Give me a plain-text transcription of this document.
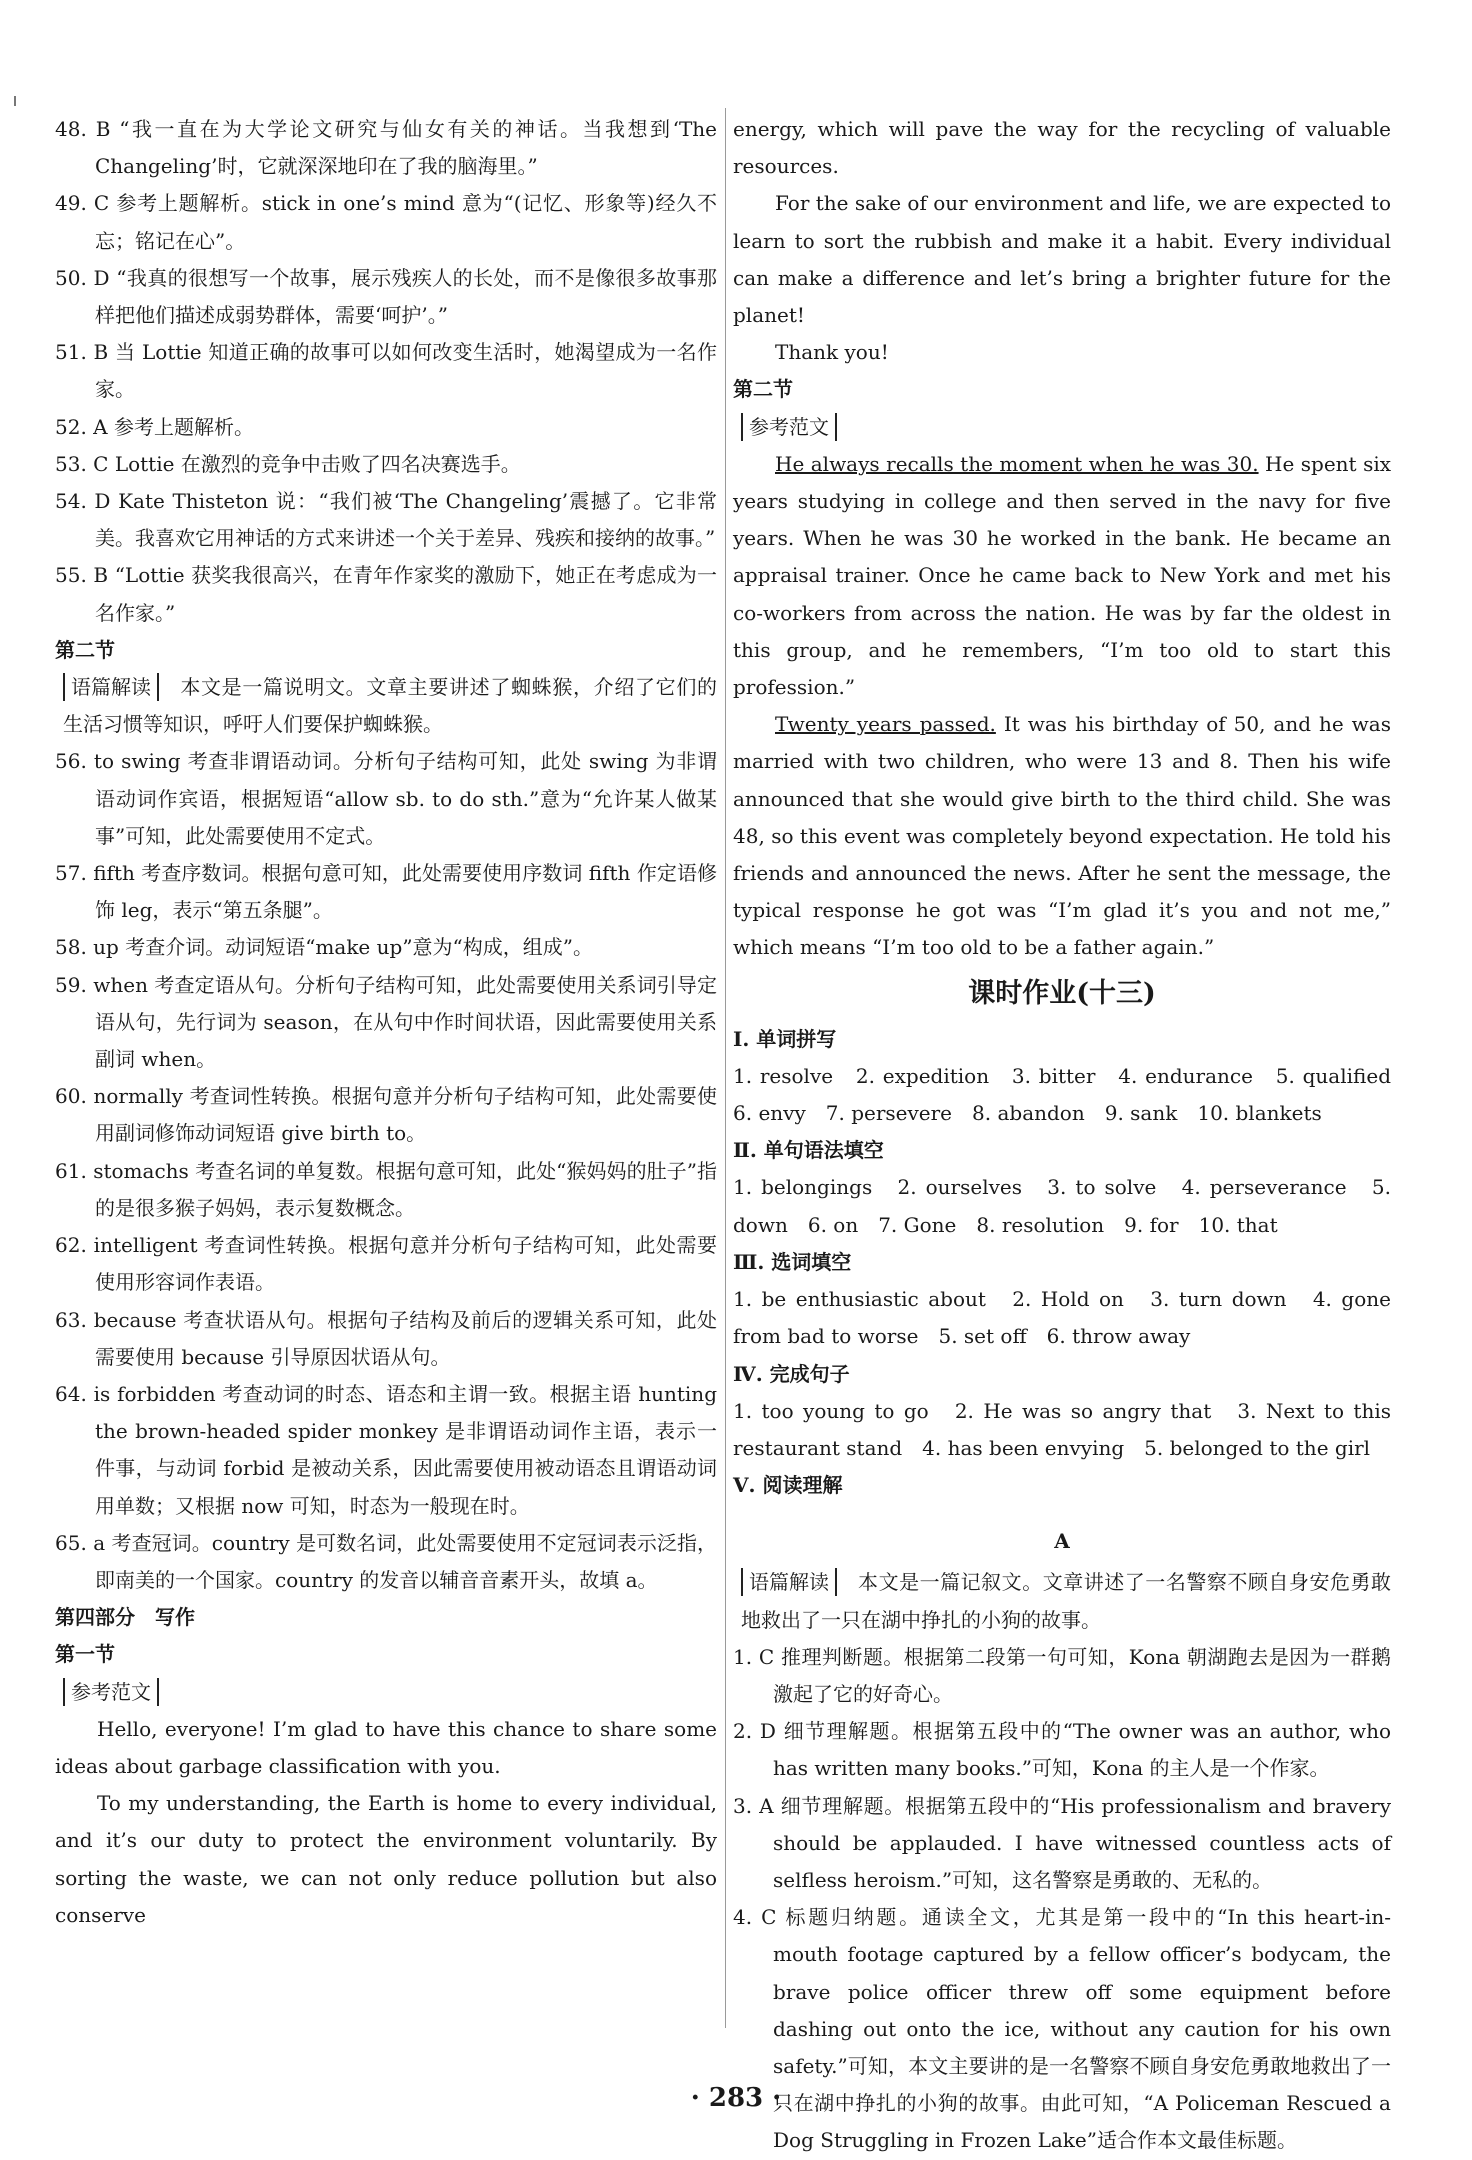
48. B “我一直在为大学论文研究与仙女有关的神话。当我想到‘The Changeling’时，它就深深地印在了我的脑海里。”

49. C 参考上题解析。stick in one’s mind 意为“(记忆、形象等)经久不忘；铭记在心”。

50. D “我真的很想写一个故事，展示残疾人的长处，而不是像很多故事那样把他们描述成弱势群体，需要‘呵护’。”

51. B 当 Lottie 知道正确的故事可以如何改变生活时，她渴望成为一名作家。

52. A 参考上题解析。

53. C Lottie 在激烈的竞争中击败了四名决赛选手。

54. D Kate Thisteton 说：“我们被‘The Changeling’震撼了。它非常美。我喜欢它用神话的方式来讲述一个关于差异、残疾和接纳的故事。”

55. B “Lottie 获奖我很高兴，在青年作家奖的激励下，她正在考虑成为一名作家。”

第二节

语篇解读　 本文是一篇说明文。文章主要讲述了蜘蛛猴，介绍了它们的生活习惯等知识，呼吁人们要保护蜘蛛猴。

56. to swing 考查非谓语动词。分析句子结构可知，此处 swing 为非谓语动词作宾语，根据短语“allow sb. to do sth.”意为“允许某人做某事”可知，此处需要使用不定式。

57. fifth 考查序数词。根据句意可知，此处需要使用序数词 fifth 作定语修饰 leg，表示“第五条腿”。

58. up 考查介词。动词短语“make up”意为“构成，组成”。

59. when 考查定语从句。分析句子结构可知，此处需要使用关系词引导定语从句，先行词为 season，在从句中作时间状语，因此需要使用关系副词 when。

60. normally 考查词性转换。根据句意并分析句子结构可知，此处需要使用副词修饰动词短语 give birth to。

61. stomachs 考查名词的单复数。根据句意可知，此处“猴妈妈的肚子”指的是很多猴子妈妈，表示复数概念。

62. intelligent 考查词性转换。根据句意并分析句子结构可知，此处需要使用形容词作表语。

63. because 考查状语从句。根据句子结构及前后的逻辑关系可知，此处需要使用 because 引导原因状语从句。

64. is forbidden 考查动词的时态、语态和主谓一致。根据主语 hunting the brown-headed spider monkey 是非谓语动词作主语，表示一件事，与动词 forbid 是被动关系，因此需要使用被动语态且谓语动词用单数；又根据 now 可知，时态为一般现在时。

65. a 考查冠词。country 是可数名词，此处需要使用不定冠词表示泛指，即南美的一个国家。country 的发音以辅音音素开头，故填 a。

第四部分　写作
第一节

参考范文

Hello, everyone! I’m glad to have this chance to share some ideas about garbage classification with you.

To my understanding, the Earth is home to every individual, and it’s our duty to protect the environment voluntarily. By sorting the waste, we can not only reduce pollution but also conserve

energy, which will pave the way for the recycling of valuable resources.

For the sake of our environment and life, we are expected to learn to sort the rubbish and make it a habit. Every individual can make a difference and let’s bring a brighter future for the planet!

Thank you!

第二节

参考范文

He always recalls the moment when he was 30. He spent six years studying in college and then served in the navy for five years. When he was 30 he worked in the bank. He became an appraisal trainer. Once he came back to New York and met his co-workers from across the nation. He was by far the oldest in this group, and he remembers, “I’m too old to start this profession.”

Twenty years passed. It was his birthday of 50, and he was married with two children, who were 13 and 8. Then his wife announced that she would give birth to the third child. She was 48, so this event was completely beyond expectation. He told his friends and announced the news. After he sent the message, the typical response he got was “I’m glad it’s you and not me,” which means “I’m too old to be a father again.”

课时作业(十三)
Ⅰ. 单词拼写

1. resolve　2. expedition　3. bitter　4. endurance　5. qualified　6. envy　7. persevere　8. abandon　9. sank　10. blankets

Ⅱ. 单句语法填空

1. belongings　2. ourselves　3. to solve　4. perseverance　5. down　6. on　7. Gone　8. resolution　9. for　10. that

Ⅲ. 选词填空

1. be enthusiastic about　2. Hold on　3. turn down　4. gone from bad to worse　5. set off　6. throw away

Ⅳ. 完成句子

1. too young to go　2. He was so angry that　3. Next to this restaurant stand　4. has been envying　5. belonged to the girl

Ⅴ. 阅读理解
A

语篇解读　 本文是一篇记叙文。文章讲述了一名警察不顾自身安危勇敢地救出了一只在湖中挣扎的小狗的故事。

1. C 推理判断题。根据第二段第一句可知，Kona 朝湖跑去是因为一群鹅激起了它的好奇心。

2. D 细节理解题。根据第五段中的“The owner was an author, who has written many books.”可知，Kona 的主人是一个作家。

3. A 细节理解题。根据第五段中的“His professionalism and bravery should be applauded. I have witnessed countless acts of selfless heroism.”可知，这名警察是勇敢的、无私的。

4. C 标题归纳题。通读全文，尤其是第一段中的“In this heart-in-mouth footage captured by a fellow officer’s bodycam, the brave police officer threw off some equipment before dashing out onto the ice, without any caution for his own safety.”可知，本文主要讲的是一名警察不顾自身安危勇敢地救出了一只在湖中挣扎的小狗的故事。由此可知，“A Policeman Rescued a Dog Struggling in Frozen Lake”适合作本文最佳标题。

· 283 ·
